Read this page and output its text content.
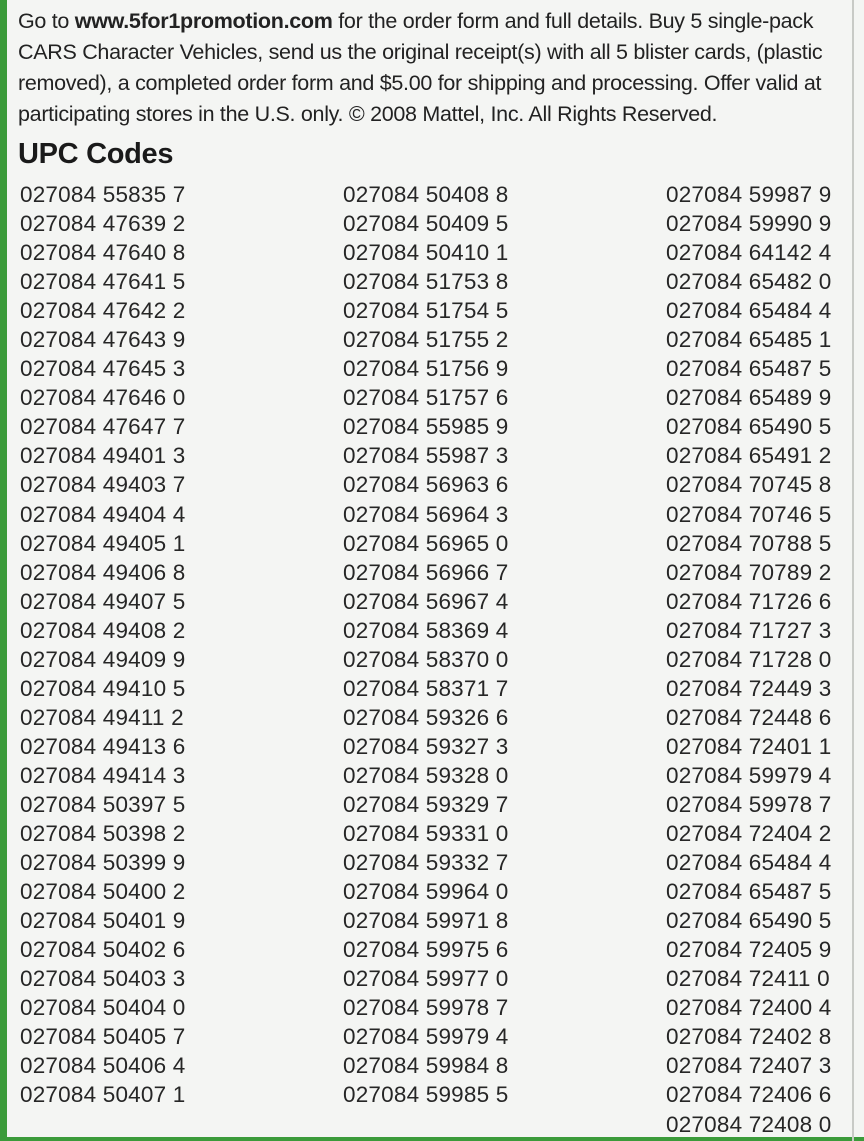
Go to www.5for1promotion.com for the order form and full details. Buy 5 single-pack CARS Character Vehicles, send us the original receipt(s) with all 5 blister cards, (plastic removed), a completed order form and $5.00 for shipping and processing. Offer valid at participating stores in the U.S. only. © 2008 Mattel, Inc. All Rights Reserved.

UPC Codes
027084 55835 7
027084 47639 2
027084 47640 8
027084 47641 5
027084 47642 2
027084 47643 9
027084 47645 3
027084 47646 0
027084 47647 7
027084 49401 3
027084 49403 7
027084 49404 4
027084 49405 1
027084 49406 8
027084 49407 5
027084 49408 2
027084 49409 9
027084 49410 5
027084 49411 2
027084 49413 6
027084 49414 3
027084 50397 5
027084 50398 2
027084 50399 9
027084 50400 2
027084 50401 9
027084 50402 6
027084 50403 3
027084 50404 0
027084 50405 7
027084 50406 4
027084 50407 1
027084 50408 8
027084 50409 5
027084 50410 1
027084 51753 8
027084 51754 5
027084 51755 2
027084 51756 9
027084 51757 6
027084 55985 9
027084 55987 3
027084 56963 6
027084 56964 3
027084 56965 0
027084 56966 7
027084 56967 4
027084 58369 4
027084 58370 0
027084 58371 7
027084 59326 6
027084 59327 3
027084 59328 0
027084 59329 7
027084 59331 0
027084 59332 7
027084 59964 0
027084 59971 8
027084 59975 6
027084 59977 0
027084 59978 7
027084 59979 4
027084 59984 8
027084 59985 5
027084 59987 9
027084 59990 9
027084 64142 4
027084 65482 0
027084 65484 4
027084 65485 1
027084 65487 5
027084 65489 9
027084 65490 5
027084 65491 2
027084 70745 8
027084 70746 5
027084 70788 5
027084 70789 2
027084 71726 6
027084 71727 3
027084 71728 0
027084 72449 3
027084 72448 6
027084 72401 1
027084 59979 4
027084 59978 7
027084 72404 2
027084 65484 4
027084 65487 5
027084 65490 5
027084 72405 9
027084 72411 0
027084 72400 4
027084 72402 8
027084 72407 3
027084 72406 6
027084 72408 0
